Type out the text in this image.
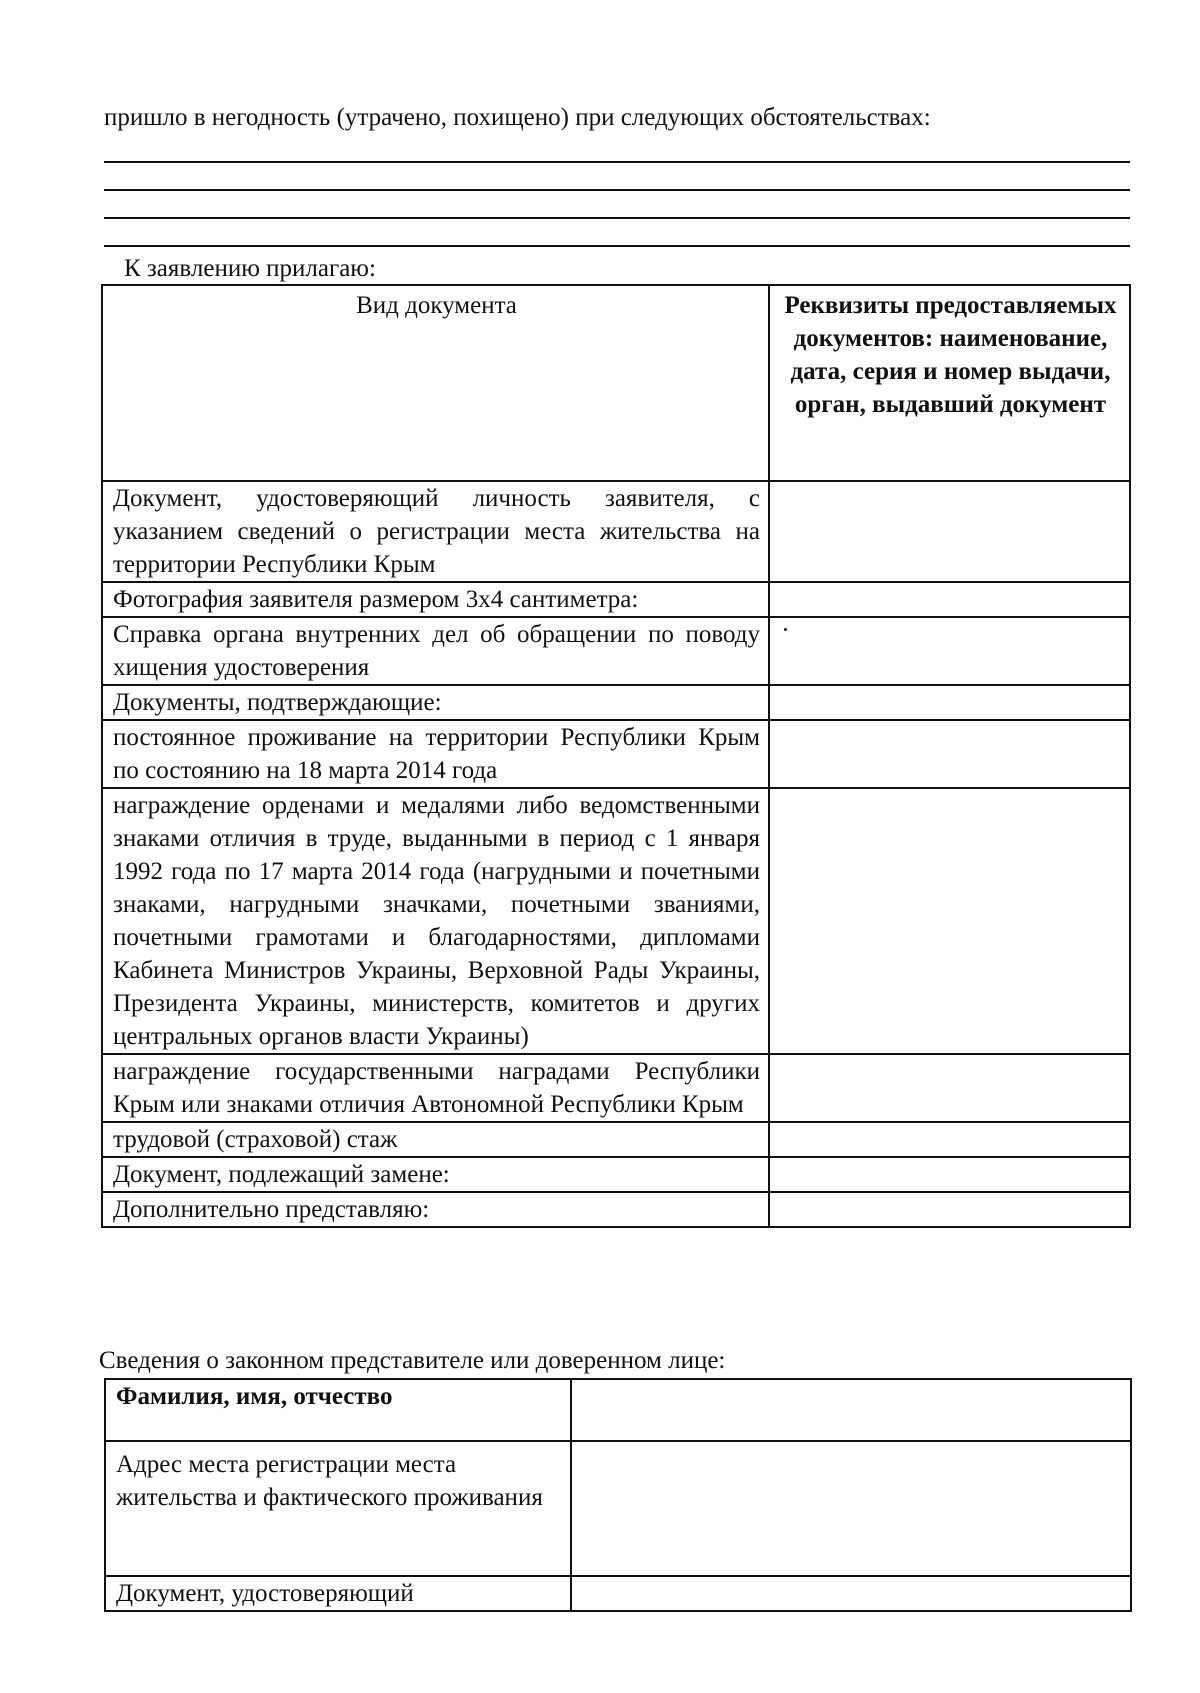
пришло в негодность (утрачено, похищено) при следующих обстоятельствах:
К заявлению прилагаю:
Вид документа	Реквизиты предоставляемых документов: наименование, дата, серия и номер выдачи, орган, выдавший документ
Документ, удостоверяющий личность заявителя, с указанием сведений о регистрации места жительства на территории Республики Крым	
Фотография заявителя размером 3х4 сантиметра:	
Справка органа внутренних дел об обращении по поводу хищения удостоверения	
Документы, подтверждающие:	
постоянное проживание на территории Республики Крым по состоянию на 18 марта 2014 года	
награждение орденами и медалями либо ведомственными знаками отличия в труде, выданными в период с 1 января 1992 года по 17 марта 2014 года (нагрудными и почетными знаками, нагрудными значками, почетными званиями, почетными грамотами и благодарностями, дипломами Кабинета Министров Украины, Верховной Рады Украины, Президента Украины, министерств, комитетов и других центральных органов власти Украины)	
награждение государственными наградами Республики Крым или знаками отличия Автономной Республики Крым	
трудовой (страховой) стаж	
Документ, подлежащий замене:	
Дополнительно представляю:	
Сведения о законном представителе или доверенном лице:
Фамилия, имя, отчество	
Адрес места регистрации места жительства и фактического проживания	
Документ, удостоверяющий	
